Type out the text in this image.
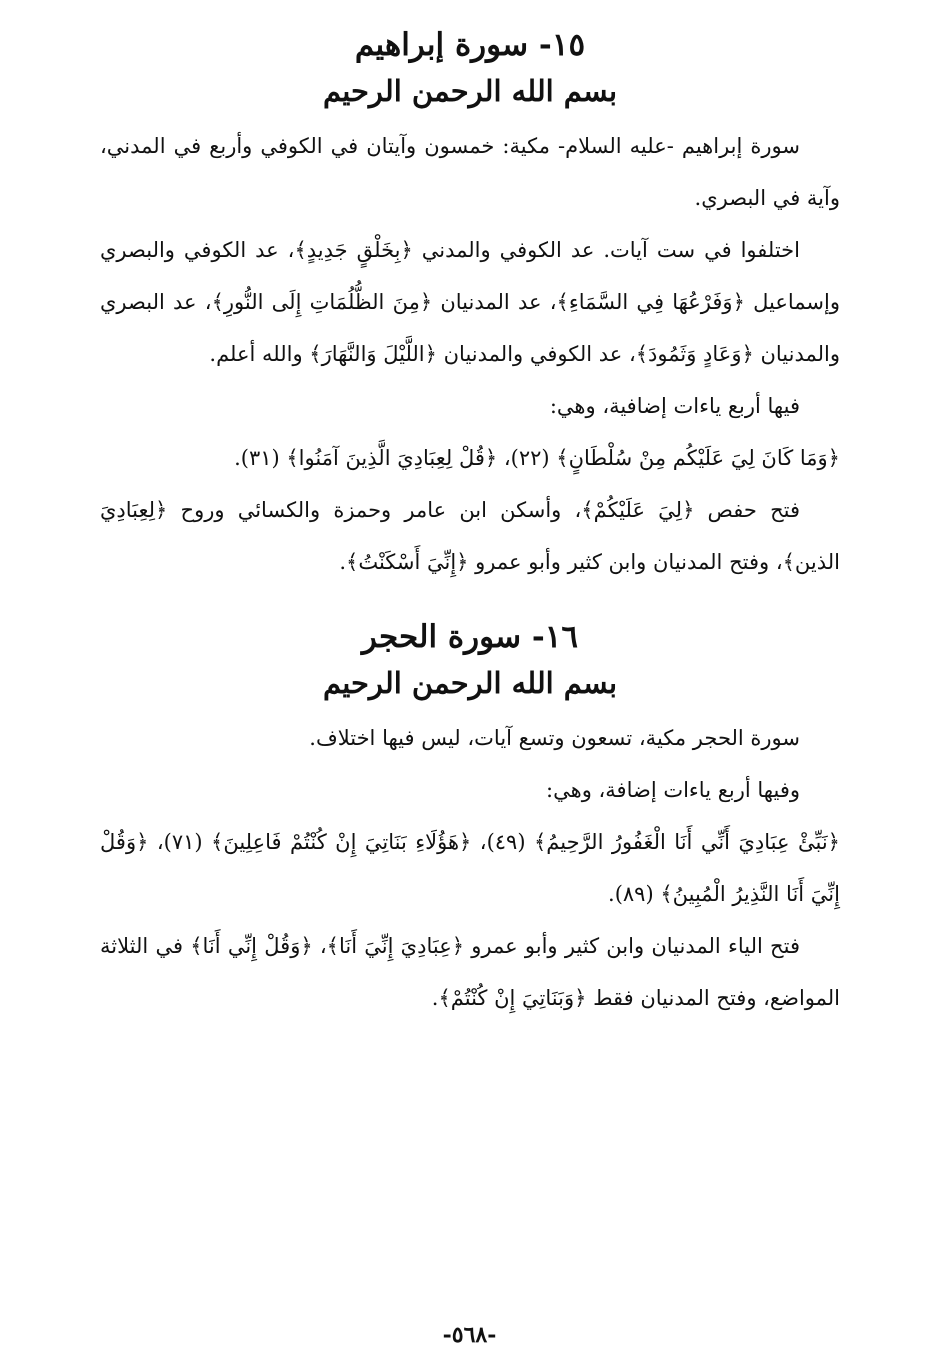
١٥- سورة إبراهيم
بسم الله الرحمن الرحيم

سورة إبراهيم -عليه السلام- مكية: خمسون وآيتان في الكوفي وأربع في المدني، وآية في البصري.

اختلفوا في ست آيات. عد الكوفي والمدني ﴿بِخَلْقٍ جَدِيدٍ﴾، عد الكوفي والبصري وإسماعيل ﴿وَفَرْعُهَا فِي السَّمَاءِ﴾، عد المدنيان ﴿مِنَ الظُّلُمَاتِ إِلَى النُّورِ﴾، عد البصري والمدنيان ﴿وَعَادٍ وَثَمُودَ﴾، عد الكوفي والمدنيان ﴿اللَّيْلَ وَالنَّهَارَ﴾ والله أعلم.

فيها أربع ياءات إضافية، وهي:

﴿وَمَا كَانَ لِيَ عَلَيْكُم مِنْ سُلْطَانٍ﴾ (٢٢)، ﴿قُلْ لِعِبَادِيَ الَّذِينَ آمَنُوا﴾ (٣١).

فتح حفص ﴿لِيَ عَلَيْكُمْ﴾، وأسكن ابن عامر وحمزة والكسائي وروح ﴿لِعِبَادِيَ الذين﴾، وفتح المدنيان وابن كثير وأبو عمرو ﴿إِنِّيَ أَسْكَنْتُ﴾.

١٦- سورة الحجر
بسم الله الرحمن الرحيم

سورة الحجر مكية، تسعون وتسع آيات، ليس فيها اختلاف.

وفيها أربع ياءات إضافة، وهي:

﴿نَبِّئْ عِبَادِيَ أَنِّي أَنَا الْغَفُورُ الرَّحِيمُ﴾ (٤٩)، ﴿هَؤُلَاءِ بَنَاتِيَ إِنْ كُنْتُمْ فَاعِلِينَ﴾ (٧١)، ﴿وَقُلْ إِنِّيَ أَنَا النَّذِيرُ الْمُبِينُ﴾ (٨٩).

فتح الياء المدنيان وابن كثير وأبو عمرو ﴿عِبَادِيَ إِنِّيَ أَنَا﴾، ﴿وَقُلْ إِنِّي أَنَا﴾ في الثلاثة المواضع، وفتح المدنيان فقط ﴿وَبَنَاتِيَ إِنْ كُنْتُمْ﴾.

-٥٦٨-
